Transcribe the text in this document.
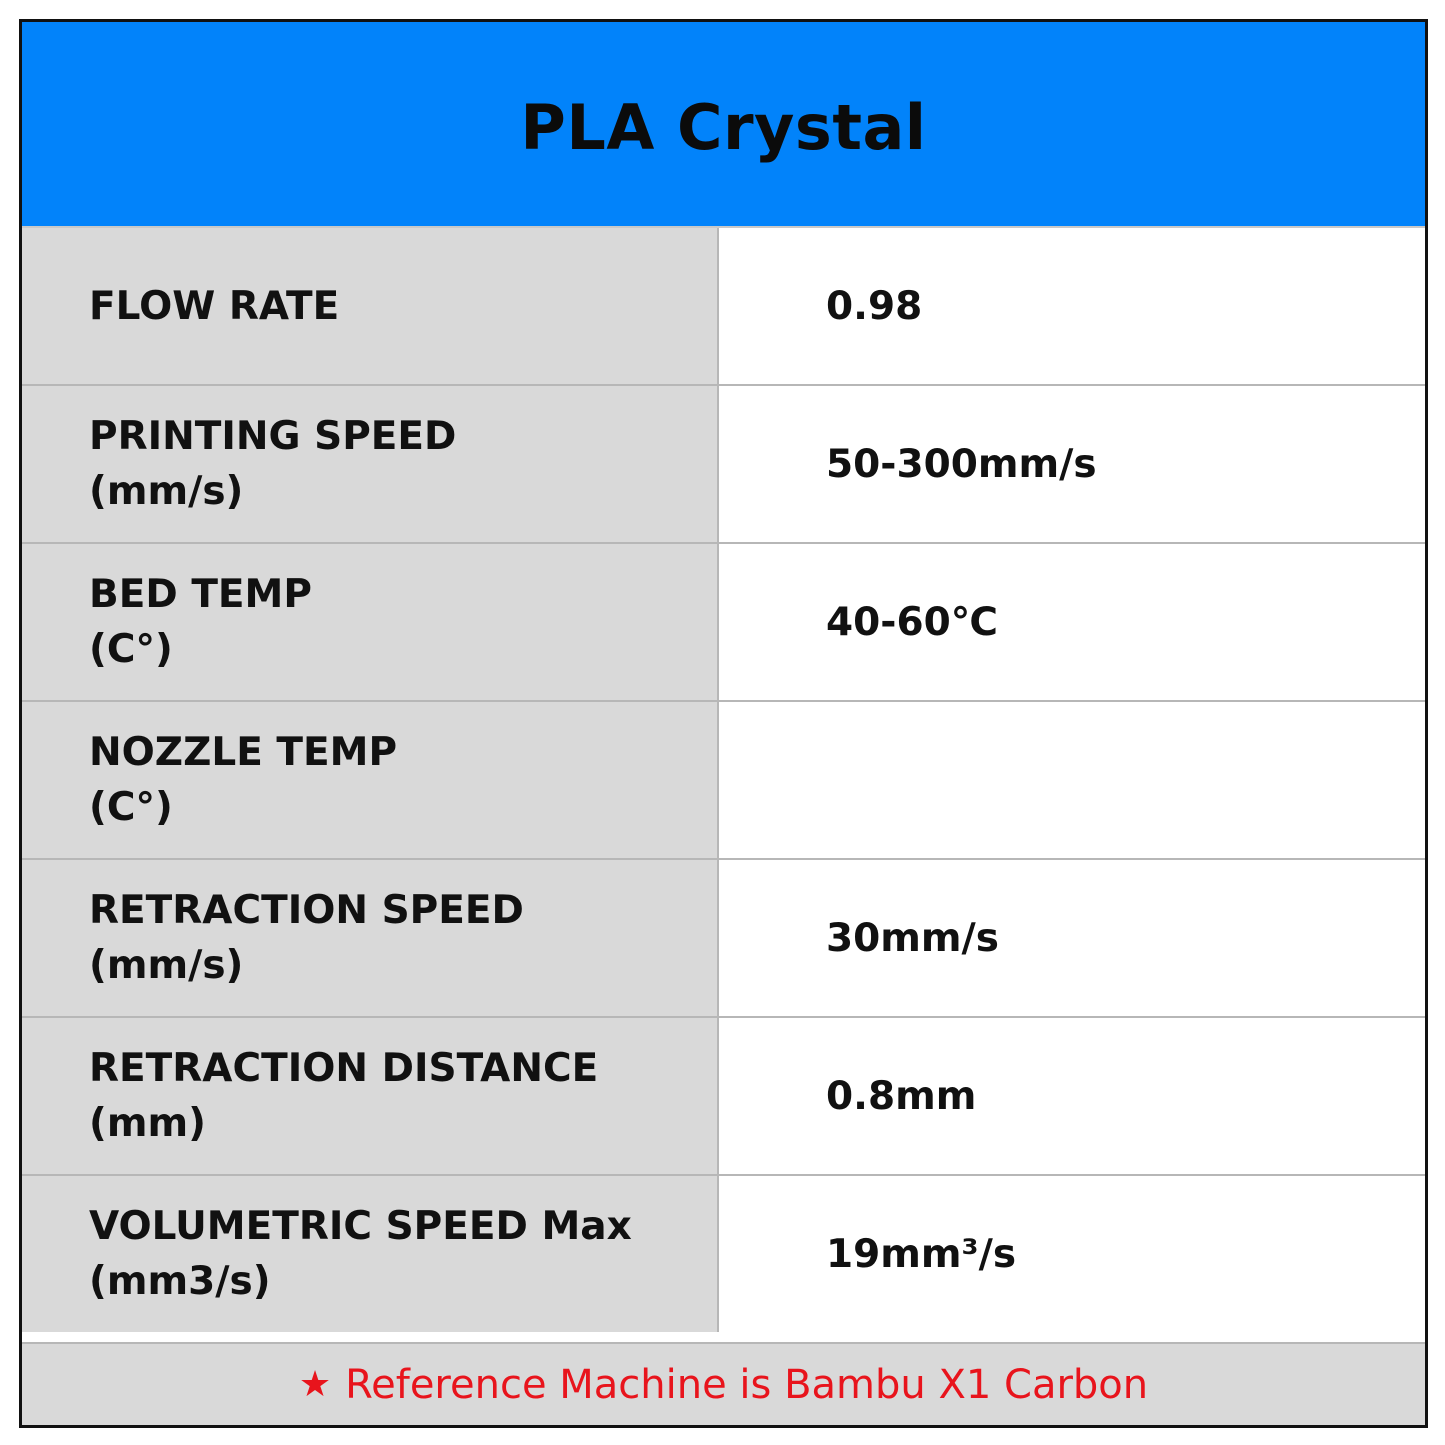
PLA Crystal
FLOW RATE	0.98
PRINTING SPEED
(mm/s)
50-300mm/s
BED TEMP
(C°)
40-60℃
NOZZLE TEMP
(C°)
RETRACTION SPEED
(mm/s)
30mm/s
RETRACTION DISTANCE
(mm)
0.8mm
VOLUMETRIC SPEED Max
(mm3/s)
19mm³/s
★ Reference Machine is Bambu X1 Carbon
